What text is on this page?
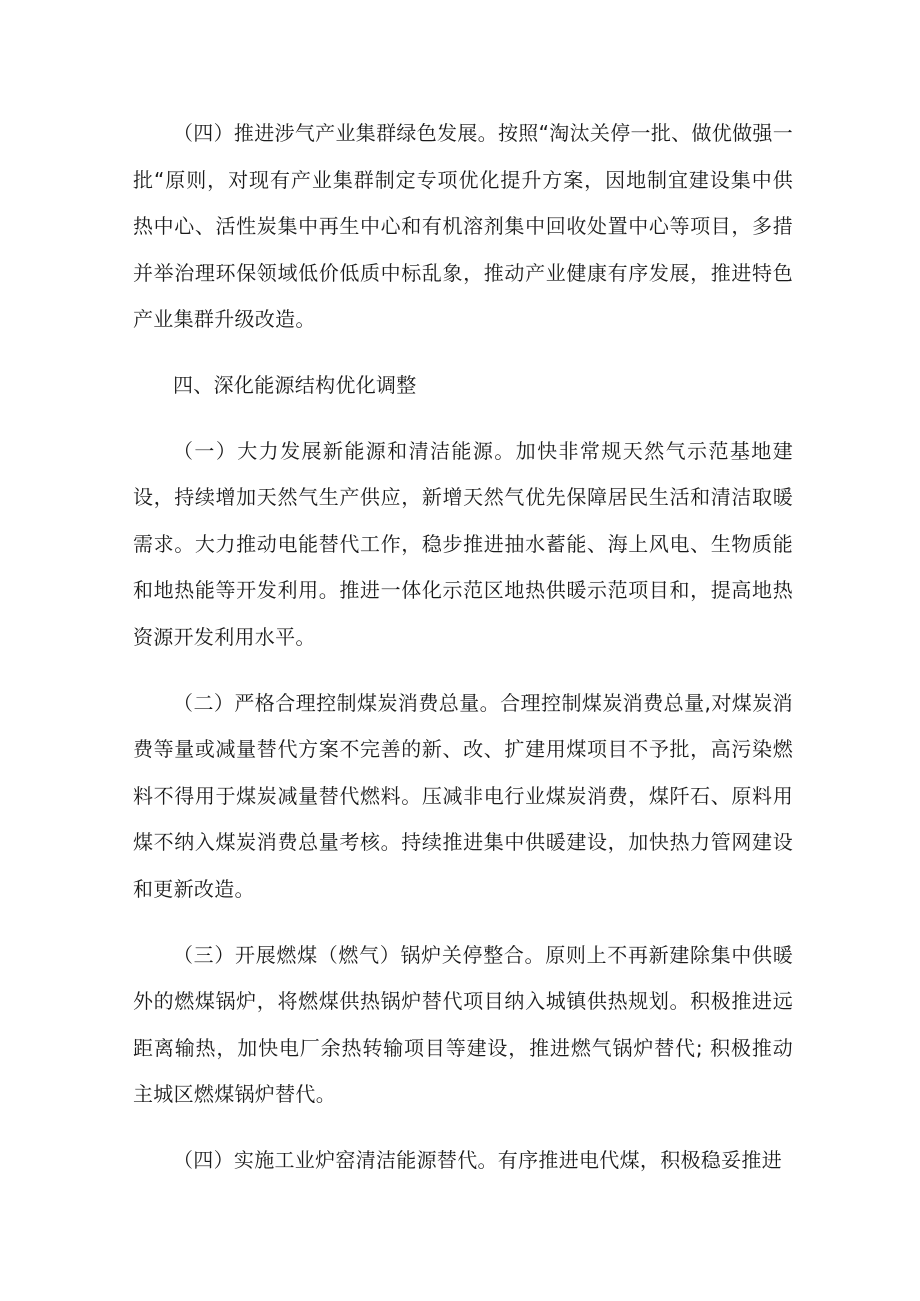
（四）推进涉气产业集群绿色发展。按照“淘汰关停一批、做优做强一批“原则，对现有产业集群制定专项优化提升方案，因地制宜建设集中供热中心、活性炭集中再生中心和有机溶剂集中回收处置中心等项目，多措并举治理环保领域低价低质中标乱象，推动产业健康有序发展，推进特色产业集群升级改造。

四、深化能源结构优化调整

（一）大力发展新能源和清洁能源。加快非常规天然气示范基地建设，持续增加天然气生产供应，新增天然气优先保障居民生活和清洁取暖需求。大力推动电能替代工作，稳步推进抽水蓄能、海上风电、生物质能和地热能等开发利用。推进一体化示范区地热供暖示范项目和，提高地热资源开发利用水平。

（二）严格合理控制煤炭消费总量。合理控制煤炭消费总量,对煤炭消费等量或减量替代方案不完善的新、改、扩建用煤项目不予批，高污染燃料不得用于煤炭减量替代燃料。压减非电行业煤炭消费，煤阡石、原料用煤不纳入煤炭消费总量考核。持续推进集中供暖建设，加快热力管网建设和更新改造。

（三）开展燃煤（燃气）锅炉关停整合。原则上不再新建除集中供暖外的燃煤锅炉，将燃煤供热锅炉替代项目纳入城镇供热规划。积极推进远距离输热，加快电厂余热转输项目等建设，推进燃气锅炉替代; 积极推动主城区燃煤锅炉替代。

（四）实施工业炉窑清洁能源替代。有序推进电代煤，积极稳妥推进
